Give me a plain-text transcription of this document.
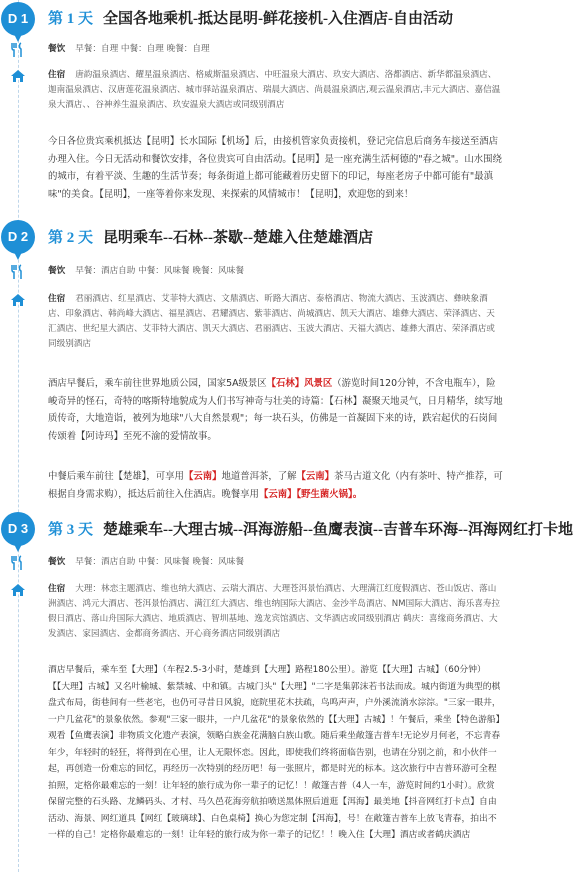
D 1	第 1 天 全国各地乘机-抵达昆明-鲜花接机-入住酒店-自由活动
餐饮 早餐：自理 中餐：自理 晚餐：自理
住宿 唐韵温泉酒店、耀星温泉酒店、格威斯温泉酒店、中旺温泉大酒店、玖安大酒店、洛都酒店、新华都温泉酒店、迦南温泉酒店、汉唐莲花温泉酒店、城市驿站温泉酒店、瑞晨大酒店、尚晨温泉酒店,观云温泉酒店,丰元大酒店、嘉信温泉大酒店、、谷神养生温泉酒店、玖安温泉大酒店或同级别酒店
今日各位贵宾乘机抵达【昆明】长水国际【机场】后，由接机管家负责接机，登记完信息后商务车接送至酒店办理入住。今日无活动和餐饮安排，各位贵宾可自由活动。【昆明】是一座充满生活柯德的"春之城"。山水围绕的城市，有着平淡、生趣的生活节奏；每条街道上都可能藏着历史留下的印记，每座老房子中都可能有"最滇味"的美食。【昆明】，一座等着你来发现、来探索的风情城市！【昆明】，欢迎您的到来！
D 2	第 2 天 昆明乘车--石林--茶歇--楚雄入住楚雄酒店
餐饮 早餐：酒店自助 中餐：风味餐 晚餐：风味餐
住宿 君丽酒店、红星酒店、艾菲特大酒店、文鼎酒店、昕路大酒店、泰格酒店、物流大酒店、玉波酒店、彝映象酒店、印象酒店、韩尚峰大酒店、福星酒店、君耀酒店、紫菲酒店、尚城酒店、凯天大酒店、雄彝大酒店、荣泽酒店、天汇酒店、世纪星大酒店、艾菲特大酒店、凯天大酒店、君丽酒店、玉波大酒店、天福大酒店、雄彝大酒店、荣泽酒店或同级别酒店
酒店早餐后，乘车前往世界地质公园，国家5A级景区【石林】风景区（游览时间120分钟，不含电瓶车），险峻奇异的怪石，奇特的喀斯特地貌成为人们书写神奇与壮美的诗篇：【石林】凝聚天地灵气，日月精华，续写地质传奇，大地造诣，被列为地球"八大自然景观"；每一块石头，仿佛是一首凝固下来的诗，跌宕起伏的石岗间传颂着【阿诗玛】至死不渝的爱情故事。
中餐后乘车前往【楚雄】，可享用【云南】地道普洱茶，了解【云南】茶马古道文化（内有茶叶、特产推荐，可根据自身需求购），抵达后前往入住酒店。晚餐享用【云南】【野生菌火锅】。
D 3	第 3 天 楚雄乘车--大理古城--洱海游船--鱼鹰表演--吉普车环海--洱海网红打卡地
餐饮 早餐：酒店自助 中餐：风味餐 晚餐：风味餐
住宿 大理：林恋主题酒店、维也纳大酒店、云瑞大酒店、大理苍洱景怡酒店、大理满江红度假酒店、苍山饭店、落山洲酒店、鸿元大酒店、苍洱景怡酒店、满江红大酒店、维也纳国际大酒店、金沙半岛酒店、NM国际大酒店、海乐喜寿拉假日酒店、落山舟国际大酒店、地质酒店、智圳基地、逸龙宾馆酒店、文华酒店或同级别酒店 鹤庆：喜缘商务酒店、大发酒店、家园酒店、金都商务酒店、开心商务酒店同级别酒店
酒店早餐后，乘车至【大理】（车程2.5-3小时，楚雄到【大理】路程180公里）。游览【【大理】古城】（60分钟）【【大理】古城】又名叶榆城、紫禁城、中和镇。古城门头"【大理】"二字是集郭沫若书法而成。城内街道为典型的棋盘式布局，街巷间有一些老宅，也仍可寻昔日风貌，庭院里花木扶疏，鸟鸣声声，户外溪流淌水淙淙。"三家一眼井，一户几盆花"的景象依然。参观"三家一眼井，一户几盆花"的景象依然的【【大理】古城】！午餐后，乘坐【特色游船】观看【鱼鹰表演】非物质文化遗产表演，领略白族金花满脑白族山歌。随后乘坐敞篷吉普车!无论岁月何老，不忘青春年少，年轻时的轻狂，将得到在心里，让人无限怀恋。因此，即使我们终将面临告别，也请在分别之前，和小伙伴一起，再创造一份难忘的回忆，再经历一次特别的经历吧！每一张照片，都是时光的标本。这次旅行中吉普环游可全程拍照，定格你最难忘的一刻！让年轻的旅行成为你一辈子的记忆！！敞篷吉普（4人一车，游览时间约1小时）。欣赏保留完整的石头路、龙鳞码头、才村、马久邑花海旁航拍喷送黑体照后道逛【洱海】最美地【抖音网红打卡点】自由活动、海景、网红道具【网红【玻璃球】、白色桌椅】换心为您定制【洱海】，号！在敞篷吉普车上放飞青春，拍出不一样的自己！定格你最难忘的一刻！让年轻的旅行成为你一辈子的记忆！！晚入住【大理】酒店或者鹤庆酒店
